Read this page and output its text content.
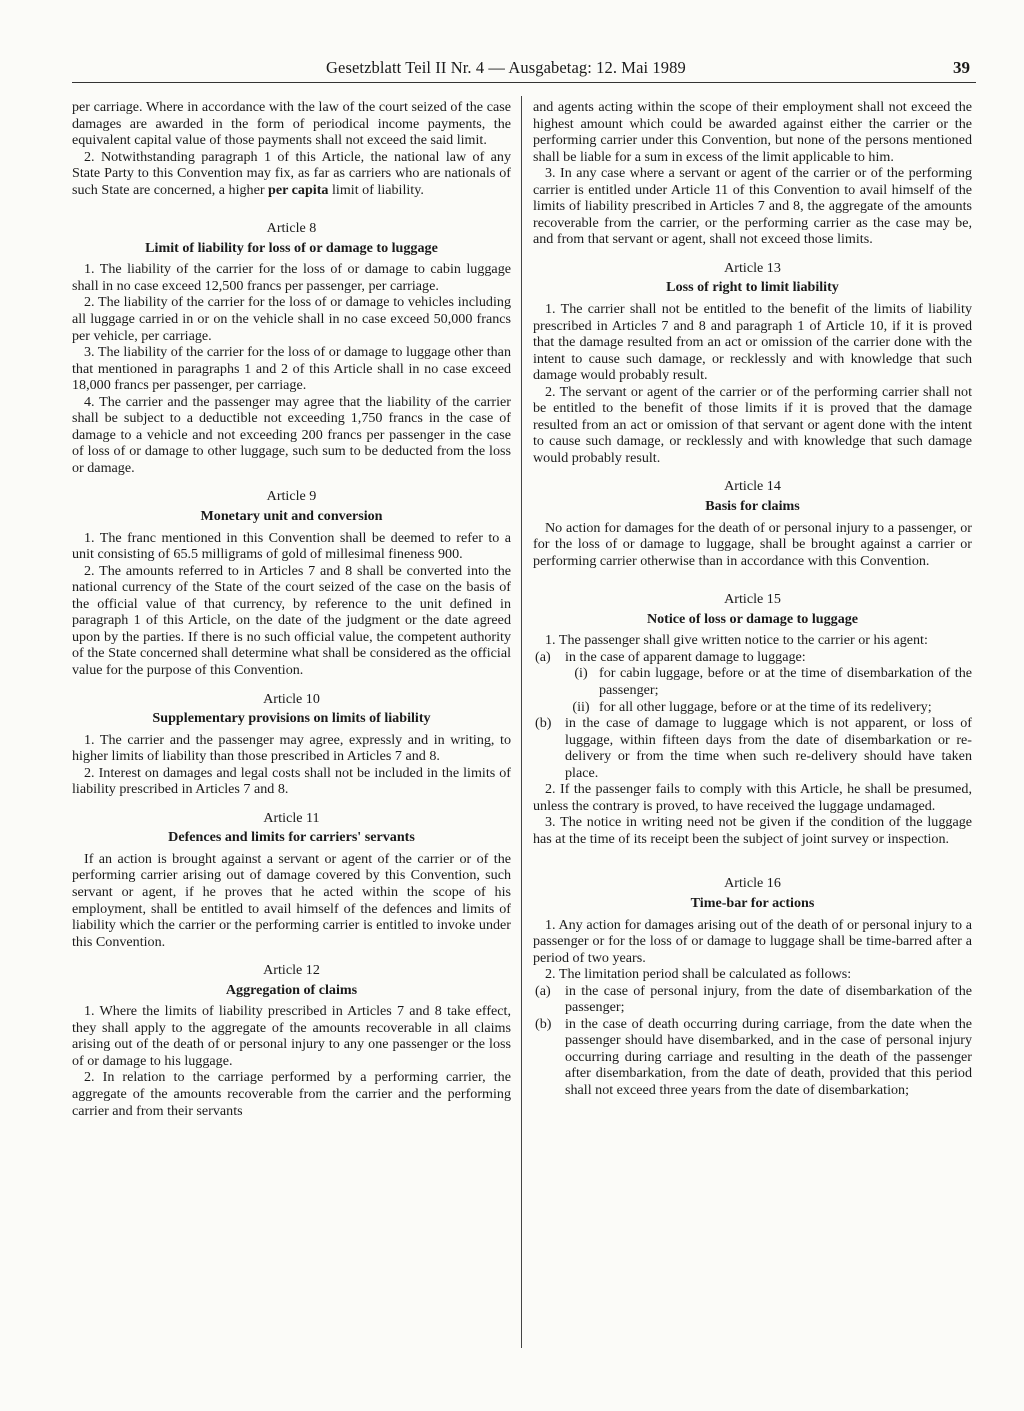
Gesetzblatt Teil II Nr. 4 — Ausgabetag: 12. Mai 1989	39

per carriage. Where in accordance with the law of the court seized of the case damages are awarded in the form of periodical income payments, the equivalent capital value of those payments shall not exceed the said limit.

2. Notwithstanding paragraph 1 of this Article, the national law of any State Party to this Convention may fix, as far as carriers who are nationals of such State are concerned, a higher per capita limit of liability.

Article 8
Limit of liability for loss of or damage to luggage

1. The liability of the carrier for the loss of or damage to cabin luggage shall in no case exceed 12,500 francs per passenger, per carriage.

2. The liability of the carrier for the loss of or damage to vehicles including all luggage carried in or on the vehicle shall in no case exceed 50,000 francs per vehicle, per carriage.

3. The liability of the carrier for the loss of or damage to luggage other than that mentioned in paragraphs 1 and 2 of this Article shall in no case exceed 18,000 francs per passenger, per carriage.

4. The carrier and the passenger may agree that the liability of the carrier shall be subject to a deductible not exceeding 1,750 francs in the case of damage to a vehicle and not exceeding 200 francs per passenger in the case of loss of or damage to other luggage, such sum to be deducted from the loss or damage.

Article 9
Monetary unit and conversion

1. The franc mentioned in this Convention shall be deemed to refer to a unit consisting of 65.5 milligrams of gold of millesimal fineness 900.

2. The amounts referred to in Articles 7 and 8 shall be converted into the national currency of the State of the court seized of the case on the basis of the official value of that currency, by reference to the unit defined in paragraph 1 of this Article, on the date of the judgment or the date agreed upon by the parties. If there is no such official value, the competent authority of the State concerned shall determine what shall be considered as the official value for the purpose of this Convention.

Article 10
Supplementary provisions on limits of liability

1. The carrier and the passenger may agree, expressly and in writing, to higher limits of liability than those prescribed in Articles 7 and 8.

2. Interest on damages and legal costs shall not be included in the limits of liability prescribed in Articles 7 and 8.

Article 11
Defences and limits for carriers' servants

If an action is brought against a servant or agent of the carrier or of the performing carrier arising out of damage covered by this Convention, such servant or agent, if he proves that he acted within the scope of his employment, shall be entitled to avail himself of the defences and limits of liability which the carrier or the performing carrier is entitled to invoke under this Convention.

Article 12
Aggregation of claims

1. Where the limits of liability prescribed in Articles 7 and 8 take effect, they shall apply to the aggregate of the amounts recoverable in all claims arising out of the death of or personal injury to any one passenger or the loss of or damage to his luggage.

2. In relation to the carriage performed by a performing carrier, the aggregate of the amounts recoverable from the carrier and the performing carrier and from their servants

and agents acting within the scope of their employment shall not exceed the highest amount which could be awarded against either the carrier or the performing carrier under this Convention, but none of the persons mentioned shall be liable for a sum in excess of the limit applicable to him.

3. In any case where a servant or agent of the carrier or of the performing carrier is entitled under Article 11 of this Convention to avail himself of the limits of liability prescribed in Articles 7 and 8, the aggregate of the amounts recoverable from the carrier, or the performing carrier as the case may be, and from that servant or agent, shall not exceed those limits.

Article 13
Loss of right to limit liability

1. The carrier shall not be entitled to the benefit of the limits of liability prescribed in Articles 7 and 8 and paragraph 1 of Article 10, if it is proved that the damage resulted from an act or omission of the carrier done with the intent to cause such damage, or recklessly and with knowledge that such damage would probably result.

2. The servant or agent of the carrier or of the performing carrier shall not be entitled to the benefit of those limits if it is proved that the damage resulted from an act or omission of that servant or agent done with the intent to cause such damage, or recklessly and with knowledge that such damage would probably result.

Article 14
Basis for claims

No action for damages for the death of or personal injury to a passenger, or for the loss of or damage to luggage, shall be brought against a carrier or performing carrier otherwise than in accordance with this Convention.

Article 15
Notice of loss or damage to luggage

1. The passenger shall give written notice to the carrier or his agent:

(a)	in the case of apparent damage to luggage:
(i) for cabin luggage, before or at the time of disembarkation of the passenger;
(ii) for all other luggage, before or at the time of its redelivery;
(b) in the case of damage to luggage which is not apparent, or loss of luggage, within fifteen days from the date of disembarkation or re-delivery or from the time when such re-delivery should have taken place.

2. If the passenger fails to comply with this Article, he shall be presumed, unless the contrary is proved, to have received the luggage undamaged.

3. The notice in writing need not be given if the condition of the luggage has at the time of its receipt been the subject of joint survey or inspection.

Article 16
Time-bar for actions

1. Any action for damages arising out of the death of or personal injury to a passenger or for the loss of or damage to luggage shall be time-barred after a period of two years.

2. The limitation period shall be calculated as follows:

(a)	in the case of personal injury, from the date of disembarkation of the passenger;
(b) in the case of death occurring during carriage, from the date when the passenger should have disembarked, and in the case of personal injury occurring during carriage and resulting in the death of the passenger after disembarkation, from the date of death, provided that this period shall not exceed three years from the date of disembarkation;
